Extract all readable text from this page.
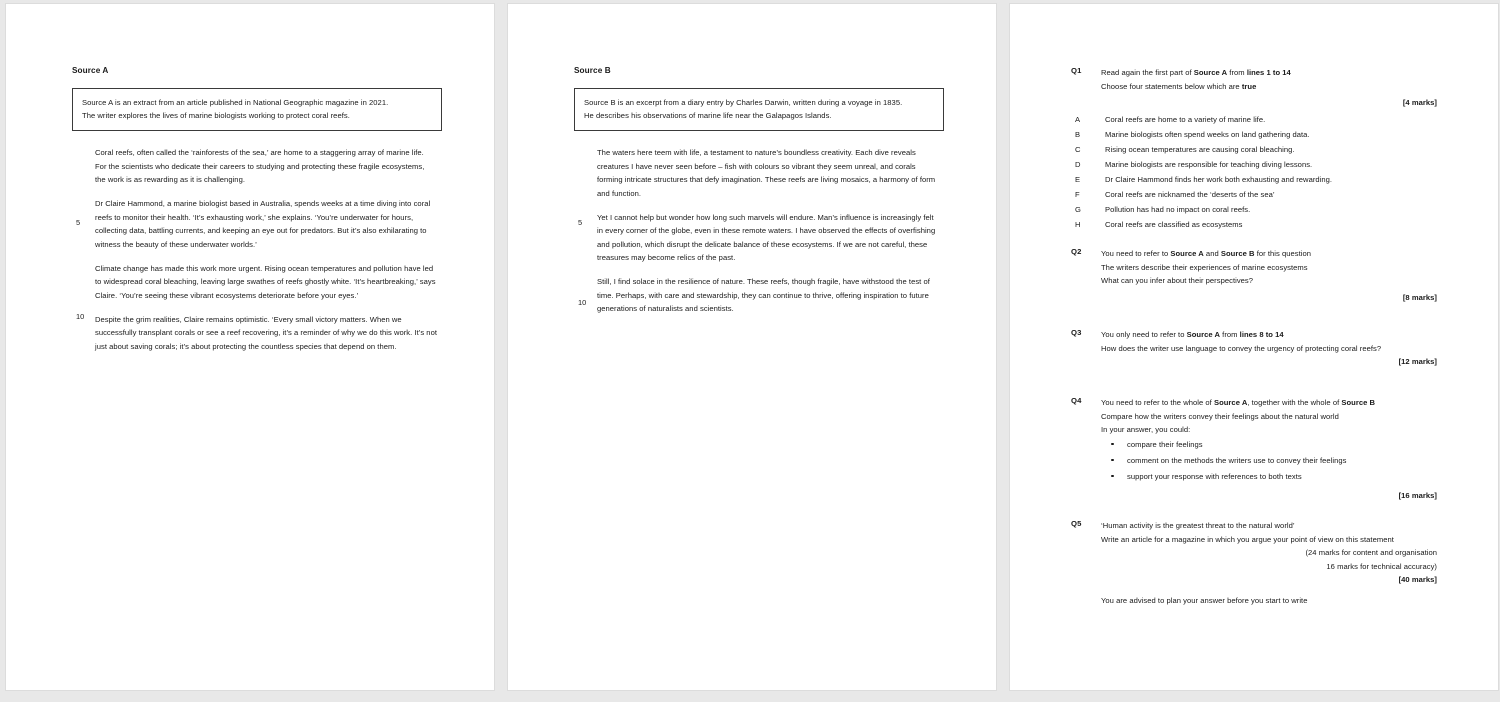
Source A

Source A is an extract from an article published in National Geographic magazine in 2021.

The writer explores the lives of marine biologists working to protect coral reefs.

Coral reefs, often called the ‘rainforests of the sea,’ are home to a staggering array of marine life. For the scientists who dedicate their careers to studying and protecting these fragile ecosystems, the work is as rewarding as it is challenging.

Dr Claire Hammond, a marine biologist based in Australia, spends weeks at a time diving into coral reefs to monitor their health. ‘It’s exhausting work,’ she explains. ‘You’re underwater for hours, collecting data, battling currents, and keeping an eye out for predators. But it’s also exhilarating to witness the beauty of these underwater worlds.’

Climate change has made this work more urgent. Rising ocean temperatures and pollution have led to widespread coral bleaching, leaving large swathes of reefs ghostly white. ‘It’s heartbreaking,’ says Claire. ‘You’re seeing these vibrant ecosystems deteriorate before your eyes.’

Despite the grim realities, Claire remains optimistic. ‘Every small victory matters. When we successfully transplant corals or see a reef recovering, it’s a reminder of why we do this work. It’s not just about saving corals; it’s about protecting the countless species that depend on them.

5
10
Source B

Source B is an excerpt from a diary entry by Charles Darwin, written during a voyage in 1835.

He describes his observations of marine life near the Galapagos Islands.

The waters here teem with life, a testament to nature’s boundless creativity. Each dive reveals creatures I have never seen before – fish with colours so vibrant they seem unreal, and corals forming intricate structures that defy imagination. These reefs are living mosaics, a harmony of form and function.

Yet I cannot help but wonder how long such marvels will endure. Man’s influence is increasingly felt in every corner of the globe, even in these remote waters. I have observed the effects of overfishing and pollution, which disrupt the delicate balance of these ecosystems. If we are not careful, these treasures may become relics of the past.

Still, I find solace in the resilience of nature. These reefs, though fragile, have withstood the test of time. Perhaps, with care and stewardship, they can continue to thrive, offering inspiration to future generations of naturalists and scientists.

5
10
Q1	Read again the first part of Source A from lines 1 to 14

Choose four statements below which are true

[4 marks]

A	Coral reefs are home to a variety of marine life.
B	Marine biologists often spend weeks on land gathering data.
C	Rising ocean temperatures are causing coral bleaching.
D	Marine biologists are responsible for teaching diving lessons.
E	Dr Claire Hammond finds her work both exhausting and rewarding.
F	Coral reefs are nicknamed the ‘deserts of the sea’
G	Pollution has had no impact on coral reefs.
H	Coral reefs are classified as ecosystems
Q2	You need to refer to Source A and Source B for this question

The writers describe their experiences of marine ecosystems

What can you infer about their perspectives?

[8 marks]

Q3	You only need to refer to Source A from lines 8 to 14

How does the writer use language to convey the urgency of protecting coral reefs?

[12 marks]

Q4	You need to refer to the whole of Source A, together with the whole of Source B

Compare how the writers convey their feelings about the natural world

In your answer, you could:

compare their feelings
comment on the methods the writers use to convey their feelings
support your response with references to both texts

[16 marks]

Q5	‘Human activity is the greatest threat to the natural world’

Write an article for a magazine in which you argue your point of view on this statement

(24 marks for content and organisation

16 marks for technical accuracy)

[40 marks]

You are advised to plan your answer before you start to write
